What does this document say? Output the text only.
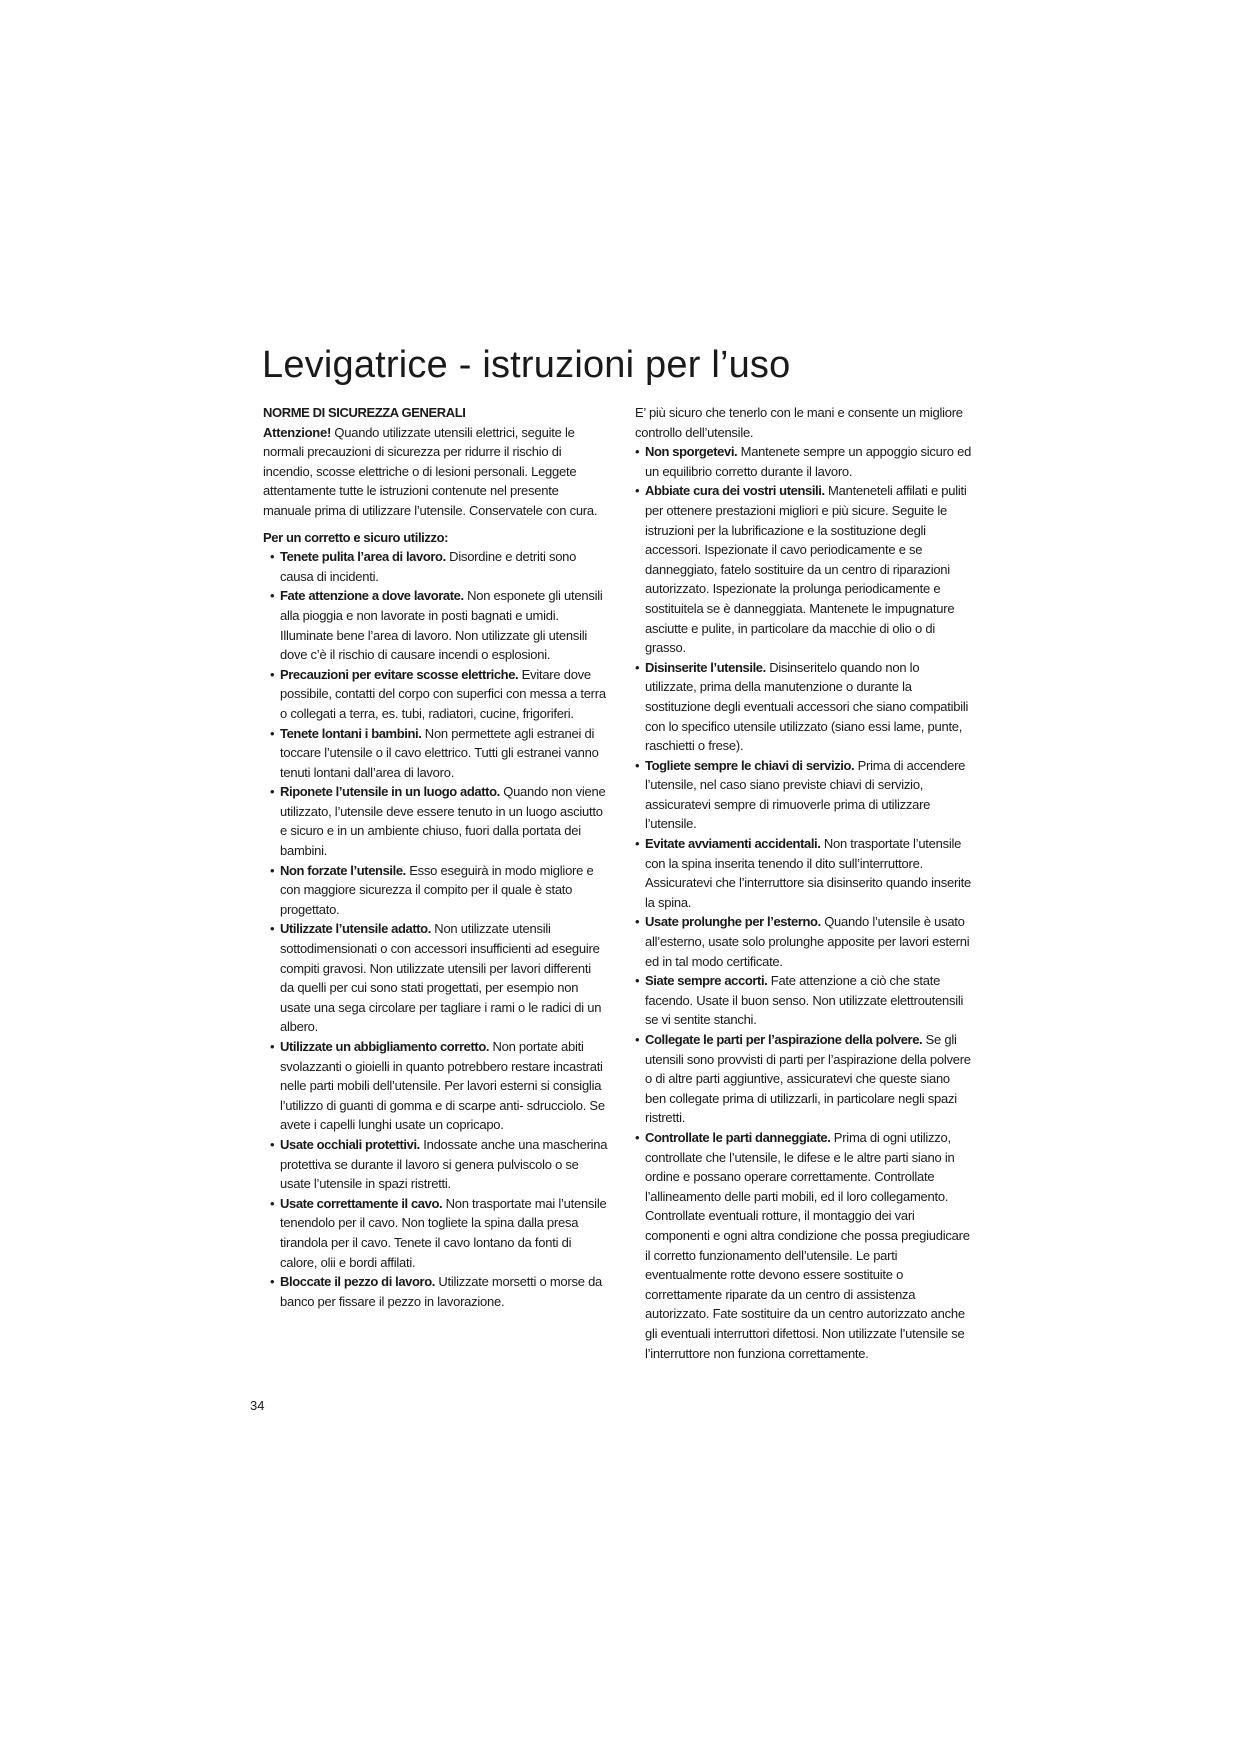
Levigatrice - istruzioni per l’uso

NORME DI SICUREZZA GENERALI

Attenzione! Quando utilizzate utensili elettrici, seguite le normali precauzioni di sicurezza per ridurre il rischio di incendio, scosse elettriche o di lesioni personali. Leggete attentamente tutte le istruzioni contenute nel presente manuale prima di utilizzare l’utensile. Conservatele con cura.

Per un corretto e sicuro utilizzo:

• Tenete pulita l’area di lavoro. Disordine e detriti sono causa di incidenti.

• Fate attenzione a dove lavorate. Non esponete gli utensili alla pioggia e non lavorate in posti bagnati e umidi. Illuminate bene l’area di lavoro. Non utilizzate gli utensili dove c’è il rischio di causare incendi o esplosioni.

• Precauzioni per evitare scosse elettriche. Evitare dove possibile, contatti del corpo con superfici con messa a terra o collegati a terra, es. tubi, radiatori, cucine, frigoriferi.

• Tenete lontani i bambini. Non permettete agli estranei di toccare l’utensile o il cavo elettrico. Tutti gli estranei vanno tenuti lontani dall’area di lavoro.

• Riponete l’utensile in un luogo adatto. Quando non viene utilizzato, l’utensile deve essere tenuto in un luogo asciutto e sicuro e in un ambiente chiuso, fuori dalla portata dei bambini.

• Non forzate l’utensile. Esso eseguirà in modo migliore e con maggiore sicurezza il compito per il quale è stato progettato.

• Utilizzate l’utensile adatto. Non utilizzate utensili sottodimensionati o con accessori insufficienti ad eseguire compiti gravosi. Non utilizzate utensili per lavori differenti da quelli per cui sono stati progettati, per esempio non usate una sega circolare per tagliare i rami o le radici di un albero.

• Utilizzate un abbigliamento corretto. Non portate abiti svolazzanti o gioielli in quanto potrebbero restare incastrati nelle parti mobili dell’utensile. Per lavori esterni si consiglia l’utilizzo di guanti di gomma e di scarpe anti- sdrucciolo. Se avete i capelli lunghi usate un copricapo.

• Usate occhiali protettivi. Indossate anche una mascherina protettiva se durante il lavoro si genera pulviscolo o se usate l’utensile in spazi ristretti.

• Usate correttamente il cavo. Non trasportate mai l’utensile tenendolo per il cavo. Non togliete la spina dalla presa tirandola per il cavo. Tenete il cavo lontano da fonti di calore, olii e bordi affilati.

• Bloccate il pezzo di lavoro. Utilizzate morsetti o morse da banco per fissare il pezzo in lavorazione.

E’ più sicuro che tenerlo con le mani e consente un migliore controllo dell’utensile.

• Non sporgetevi. Mantenete sempre un appoggio sicuro ed un equilibrio corretto durante il lavoro.

• Abbiate cura dei vostri utensili. Manteneteli affilati e puliti per ottenere prestazioni migliori e più sicure. Seguite le istruzioni per la lubrificazione e la sostituzione degli accessori. Ispezionate il cavo periodicamente e se danneggiato, fatelo sostituire da un centro di riparazioni autorizzato. Ispezionate la prolunga periodicamente e sostituitela se è danneggiata. Mantenete le impugnature asciutte e pulite, in particolare da macchie di olio o di grasso.

• Disinserite l’utensile. Disinseritelo quando non lo utilizzate, prima della manutenzione o durante la sostituzione degli eventuali accessori che siano compatibili con lo specifico utensile utilizzato (siano essi lame, punte, raschietti o frese).

• Togliete sempre le chiavi di servizio. Prima di accendere l’utensile, nel caso siano previste chiavi di servizio, assicuratevi sempre di rimuoverle prima di utilizzare l’utensile.

• Evitate avviamenti accidentali. Non trasportate l’utensile con la spina inserita tenendo il dito sull’interruttore. Assicuratevi che l’interruttore sia disinserito quando inserite la spina.

• Usate prolunghe per l’esterno. Quando l’utensile è usato all’esterno, usate solo prolunghe apposite per lavori esterni ed in tal modo certificate.

• Siate sempre accorti. Fate attenzione a ciò che state facendo. Usate il buon senso. Non utilizzate elettroutensili se vi sentite stanchi.

• Collegate le parti per l’aspirazione della polvere. Se gli utensili sono provvisti di parti per l’aspirazione della polvere o di altre parti aggiuntive, assicuratevi che queste siano ben collegate prima di utilizzarli, in particolare negli spazi ristretti.

• Controllate le parti danneggiate. Prima di ogni utilizzo, controllate che l’utensile, le difese e le altre parti siano in ordine e possano operare correttamente. Controllate l’allineamento delle parti mobili, ed il loro collegamento. Controllate eventuali rotture, il montaggio dei vari componenti e ogni altra condizione che possa pregiudicare il corretto funzionamento dell’utensile. Le parti eventualmente rotte devono essere sostituite o correttamente riparate da un centro di assistenza autorizzato. Fate sostituire da un centro autorizzato anche gli eventuali interruttori difettosi. Non utilizzate l’utensile se l’interruttore non funziona correttamente.

34
